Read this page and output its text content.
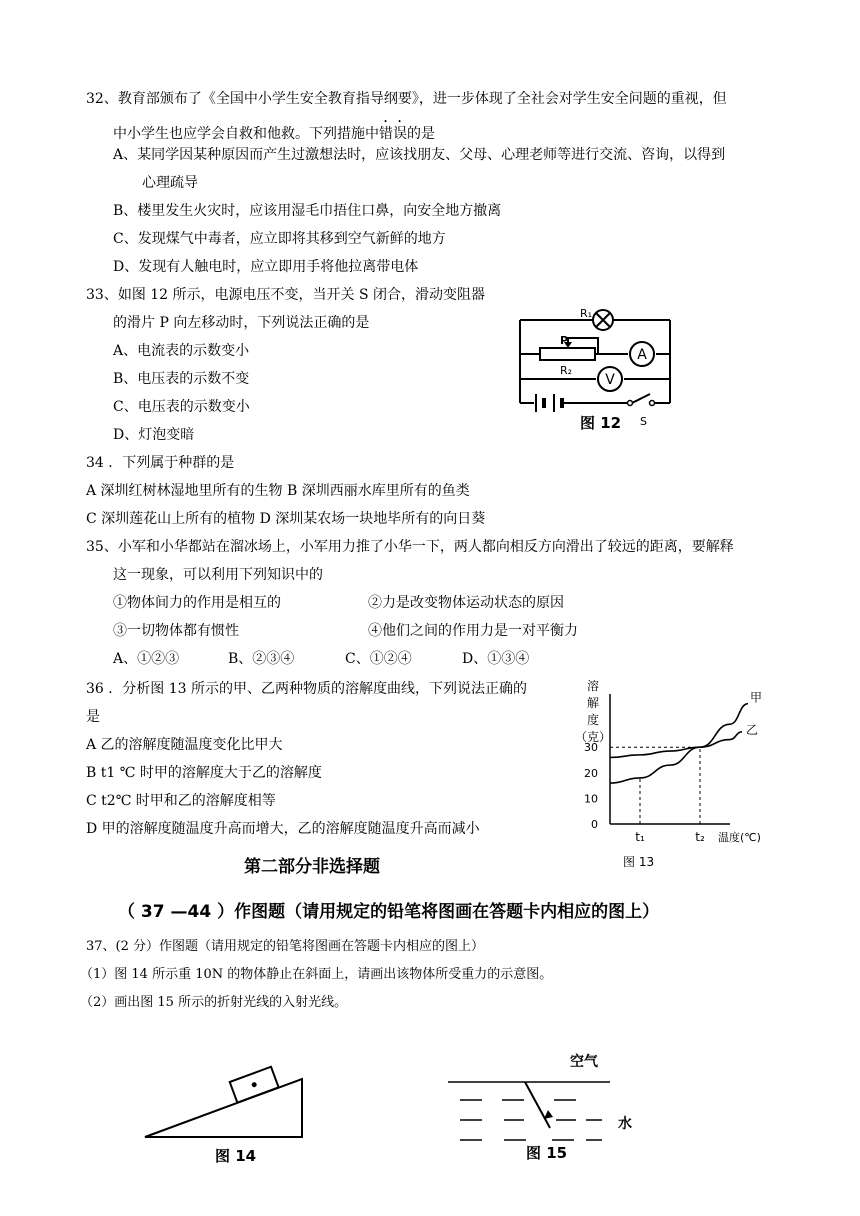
32、教育部颁布了《全国中小学生安全教育指导纲要》，进一步体现了全社会对学生安全问题的重视，但
中小学生也应学会自救和他救。下列措施中错误的是
A、某同学因某种原因而产生过激想法时，应该找朋友、父母、心理老师等进行交流、咨询，以得到
心理疏导
B、楼里发生火灾时，应该用湿毛巾捂住口鼻，向安全地方撤离
C、发现煤气中毒者，应立即将其移到空气新鲜的地方
D、发现有人触电时，应立即用手将他拉离带电体
33、如图 12 所示，电源电压不变，当开关 S 闭合，滑动变阻器
的滑片 P 向左移动时，下列说法正确的是
A、电流表的示数变小
B、电压表的示数不变
C、电压表的示数变小
D、灯泡变暗
A
V
R₁
P
R₂
S
图 12
34 ．下列属于种群的是
A 深圳红树林湿地里所有的生物 B 深圳西丽水库里所有的鱼类
C 深圳莲花山上所有的植物 D 深圳某农场一块地毕所有的向日葵
35、小军和小华都站在溜冰场上，小军用力推了小华一下，两人都向相反方向滑出了较远的距离，要解释
这一现象，可以利用下列知识中的
①物体间力的作用是相互的	②力是改变物体运动状态的原因
③一切物体都有惯性	④他们之间的作用力是一对平衡力
A、①②③	B、②③④	C、①②④	D、①③④
36 ．分析图 13 所示的甲、乙两种物质的溶解度曲线，下列说法正确的
是
A 乙的溶解度随温度变化比甲大
B t1 ℃ 时甲的溶解度大于乙的溶解度
C t2℃ 时甲和乙的溶解度相等
D 甲的溶解度随温度升高而增大，乙的溶解度随温度升高而减小
溶
解
度
（克）
0
10
20
30
甲
乙
t₁	t₂ 温度(℃)
图 13
第二部分非选择题
（ 37 —44 ）作图题（请用规定的铅笔将图画在答题卡内相应的图上）
37、(2 分）作图题（请用规定的铅笔将图画在答题卡内相应的图上）
（1）图 14 所示重 10N 的物体静止在斜面上，请画出该物体所受重力的示意图。
（2）画出图 15 所示的折射光线的入射光线。
图 14
空气
水
图 15
